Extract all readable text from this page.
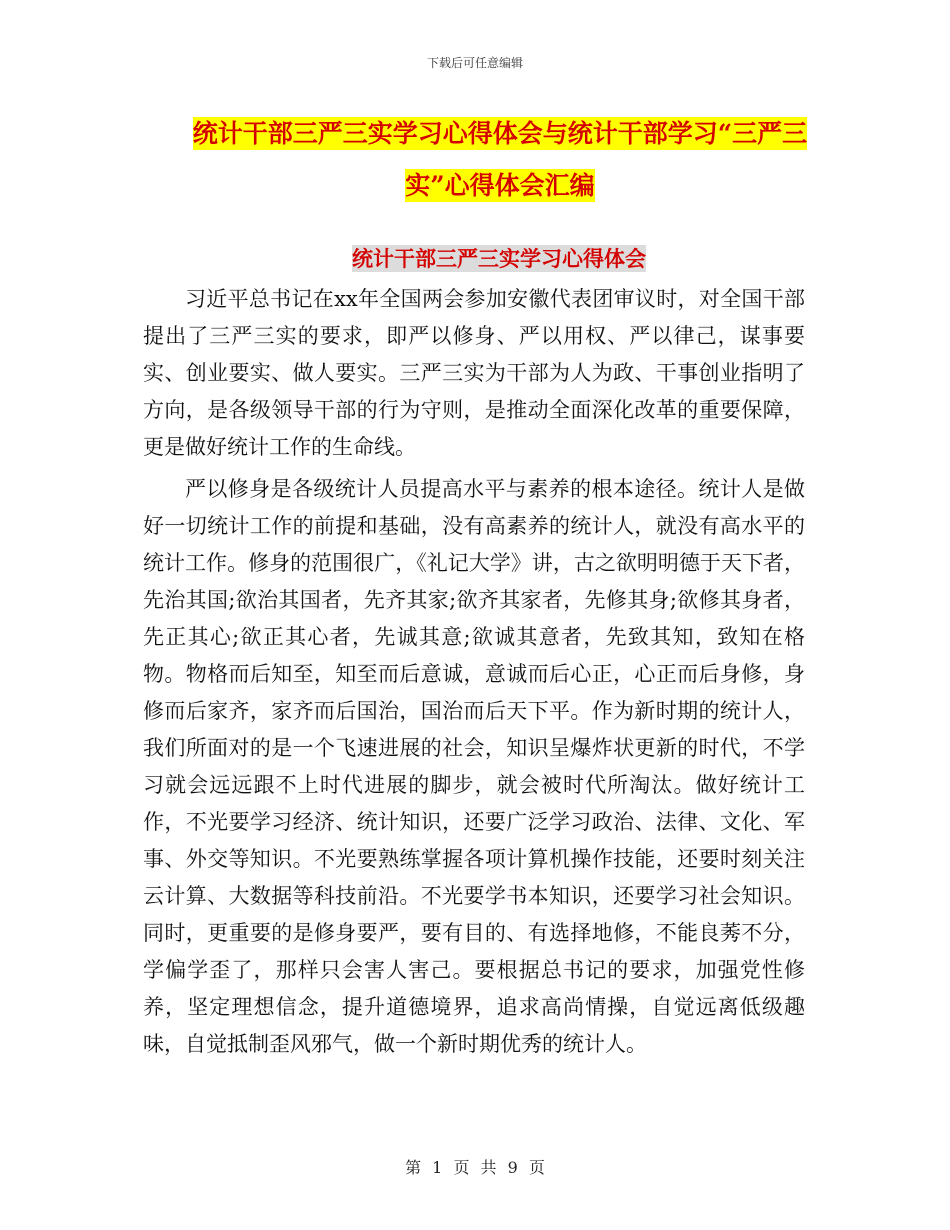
下载后可任意编辑
统计干部三严三实学习心得体会与统计干部学习“三严三实”心得体会汇编
统计干部三严三实学习心得体会

习近平总书记在xx年全国两会参加安徽代表团审议时，对全国干部提出了三严三实的要求，即严以修身、严以用权、严以律己，谋事要实、创业要实、做人要实。三严三实为干部为人为政、干事创业指明了方向，是各级领导干部的行为守则，是推动全面深化改革的重要保障，更是做好统计工作的生命线。

严以修身是各级统计人员提高水平与素养的根本途径。统计人是做好一切统计工作的前提和基础，没有高素养的统计人，就没有高水平的统计工作。修身的范围很广，《礼记大学》讲，古之欲明明德于天下者，先治其国;欲治其国者，先齐其家;欲齐其家者，先修其身;欲修其身者，先正其心;欲正其心者，先诚其意;欲诚其意者，先致其知，致知在格物。物格而后知至，知至而后意诚，意诚而后心正，心正而后身修，身修而后家齐，家齐而后国治，国治而后天下平。作为新时期的统计人，我们所面对的是一个飞速进展的社会，知识呈爆炸状更新的时代，不学习就会远远跟不上时代进展的脚步，就会被时代所淘汰。做好统计工作，不光要学习经济、统计知识，还要广泛学习政治、法律、文化、军事、外交等知识。不光要熟练掌握各项计算机操作技能，还要时刻关注云计算、大数据等科技前沿。不光要学书本知识，还要学习社会知识。同时，更重要的是修身要严，要有目的、有选择地修，不能良莠不分，学偏学歪了，那样只会害人害己。要根据总书记的要求，加强党性修养，坚定理想信念，提升道德境界，追求高尚情操，自觉远离低级趣味，自觉抵制歪风邪气，做一个新时期优秀的统计人。

第 1 页 共 9 页
